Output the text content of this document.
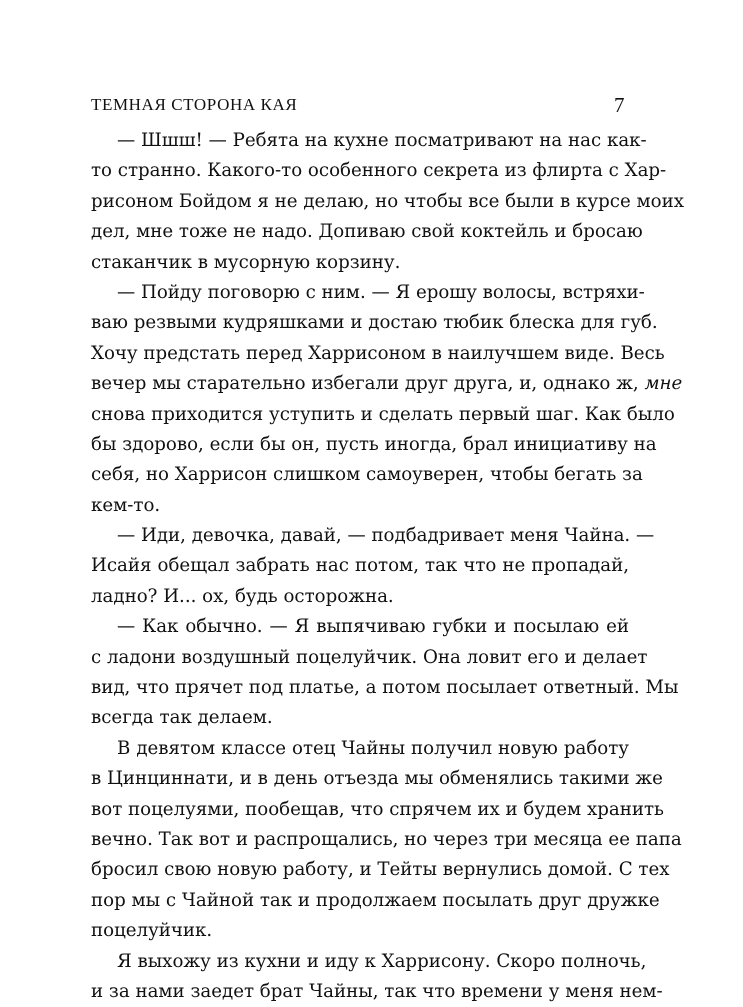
ТЕМНАЯ СТОРОНА КАЯ	7
— Шшш! — Ребята на кухне посматривают на нас как-
то странно. Какого-то особенного секрета из флирта с Хар-
рисоном Бойдом я не делаю, но чтобы все были в курсе моих
дел, мне тоже не надо. Допиваю свой коктейль и бросаю
стаканчик в мусорную корзину.
— Пойду поговорю с ним. — Я ерошу волосы, встряхи-
ваю резвыми кудряшками и достаю тюбик блеска для губ.
Хочу предстать перед Харрисоном в наилучшем виде. Весь
вечер мы старательно избегали друг друга, и, однако ж, мне
снова приходится уступить и сделать первый шаг. Как было
бы здорово, если бы он, пусть иногда, брал инициативу на
себя, но Харрисон слишком самоуверен, чтобы бегать за
кем-то.
— Иди, девочка, давай, — подбадривает меня Чайна. —
Исайя обещал забрать нас потом, так что не пропадай,
ладно? И... ох, будь осторожна.
— Как обычно. — Я выпячиваю губки и посылаю ей
с ладони воздушный поцелуйчик. Она ловит его и делает
вид, что прячет под платье, а потом посылает ответный. Мы
всегда так делаем.
В девятом классе отец Чайны получил новую работу
в Цинциннати, и в день отъезда мы обменялись такими же
вот поцелуями, пообещав, что спрячем их и будем хранить
вечно. Так вот и распрощались, но через три месяца ее папа
бросил свою новую работу, и Тейты вернулись домой. С тех
пор мы с Чайной так и продолжаем посылать друг дружке
поцелуйчик.
Я выхожу из кухни и иду к Харрисону. Скоро полночь,
и за нами заедет брат Чайны, так что времени у меня нем-
